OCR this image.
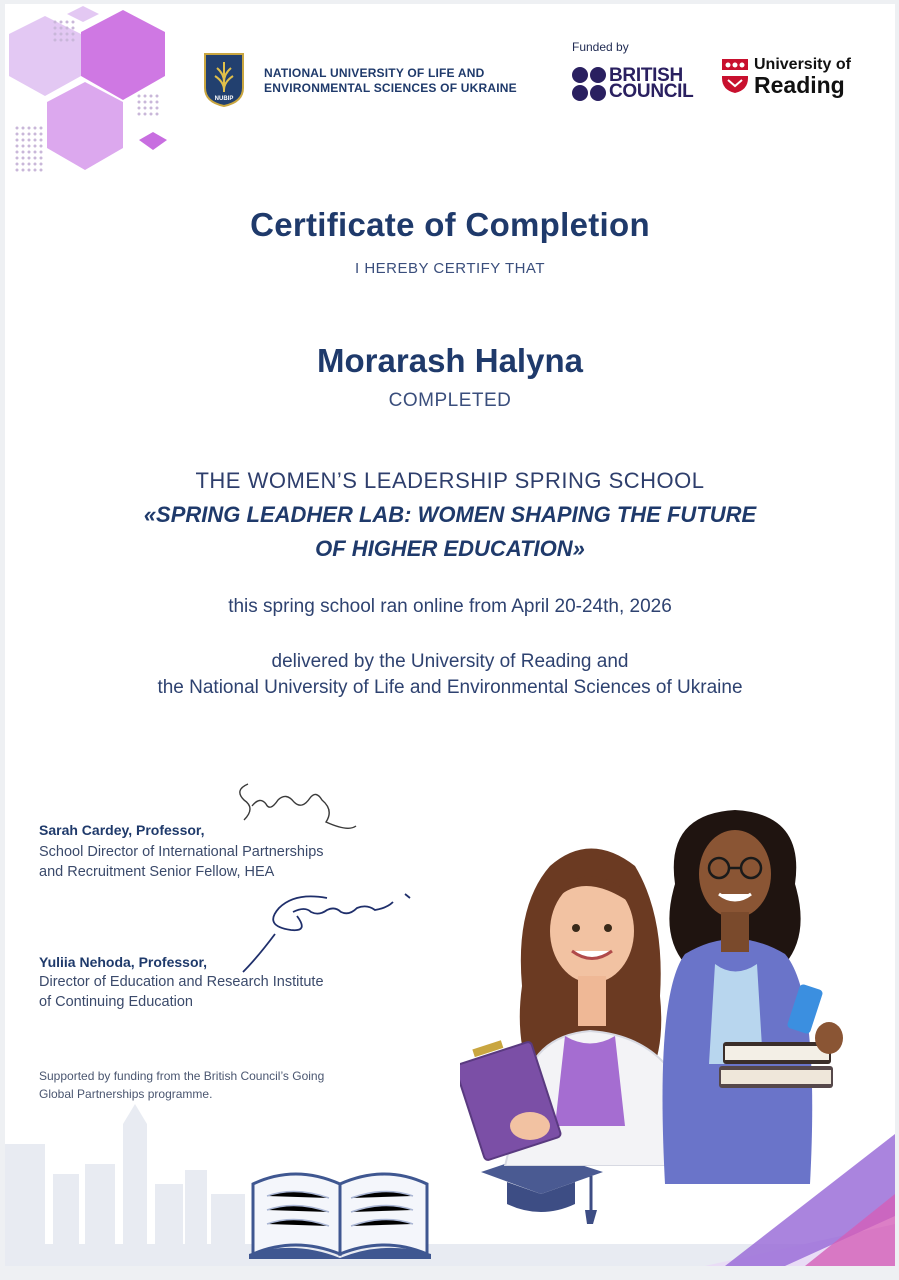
NUBIP
NATIONAL UNIVERSITY OF LIFE AND
ENVIRONMENTAL SCIENCES OF UKRAINE
Funded by
BRITISH
COUNCIL
University of
Reading
Certificate of Completion
I HEREBY CERTIFY THAT
Morarash Halyna
COMPLETED
THE WOMEN’S LEADERSHIP SPRING SCHOOL
«SPRING LEADHER LAB: WOMEN SHAPING THE FUTURE
OF HIGHER EDUCATION»
this spring school ran online from April 20-24th, 2026
delivered by the University of Reading and
the National University of Life and Environmental Sciences of Ukraine
Sarah Cardey, Professor,
School Director of International Partnerships
and Recruitment Senior Fellow, HEA
Yuliia Nehoda, Professor,
Director of Education and Research Institute
of Continuing Education
Supported by funding from the British Council’s Going
Global Partnerships programme.
